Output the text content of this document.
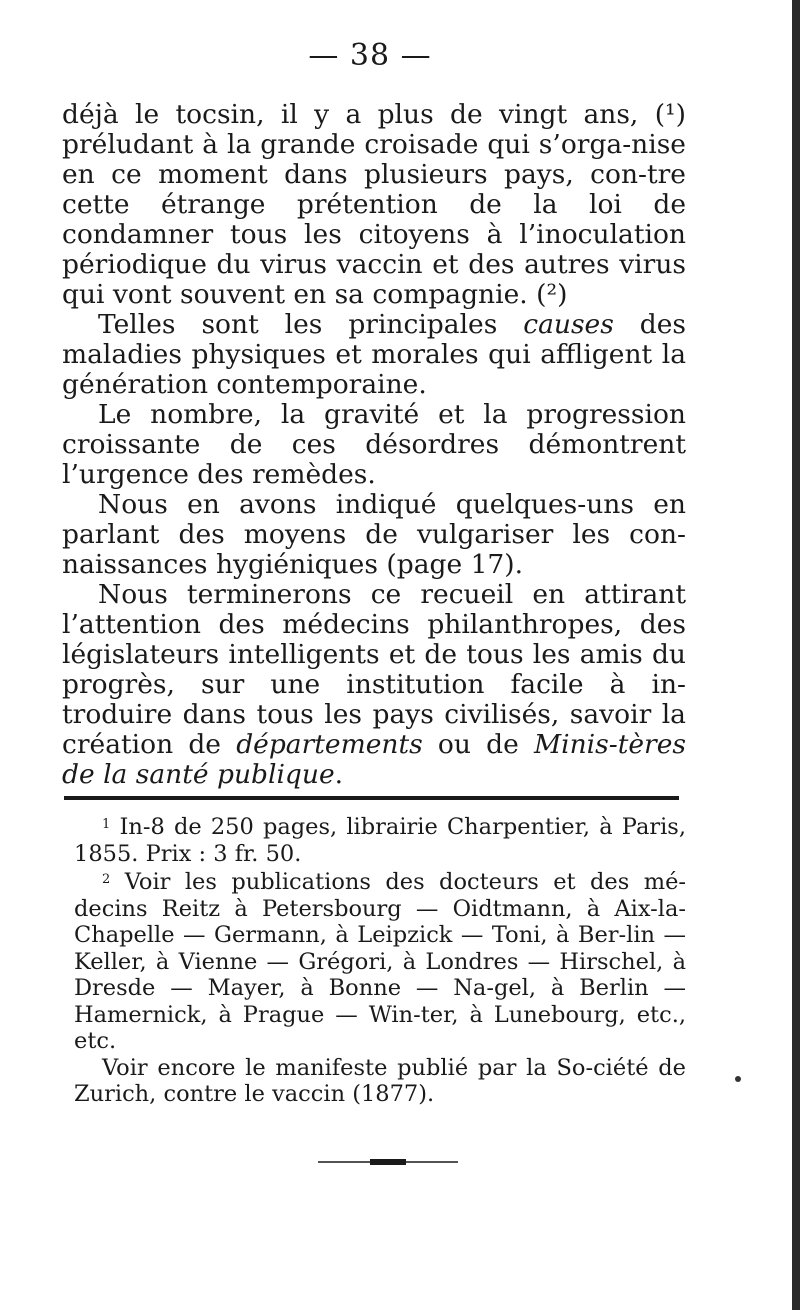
— 38 —

déjà le tocsin, il y a plus de vingt ans, (¹) préludant à la grande croisade qui s’orga-nise en ce moment dans plusieurs pays, con-tre cette étrange prétention de la loi de condamner tous les citoyens à l’inoculation périodique du virus vaccin et des autres virus qui vont souvent en sa compagnie. (²)

Telles sont les principales causes des maladies physiques et morales qui affligent la génération contemporaine.

Le nombre, la gravité et la progression croissante de ces désordres démontrent l’urgence des remèdes.

Nous en avons indiqué quelques-uns en parlant des moyens de vulgariser les con-naissances hygiéniques (page 17).

Nous terminerons ce recueil en attirant l’attention des médecins philanthropes, des législateurs intelligents et de tous les amis du progrès, sur une institution facile à in-troduire dans tous les pays civilisés, savoir la création de départements ou de Minis-tères de la santé publique.

$^1$ In-8 de 250 pages, librairie Charpentier, à Paris, 1855. Prix : 3 fr. 50.

$^2$ Voir les publications des docteurs et des mé-decins Reitz à Petersbourg — Oidtmann, à Aix-la-Chapelle — Germann, à Leipzick — Toni, à Ber-lin — Keller, à Vienne — Grégori, à Londres — Hirschel, à Dresde — Mayer, à Bonne — Na-gel, à Berlin — Hamernick, à Prague — Win-ter, à Lunebourg, etc., etc.

Voir encore le manifeste publié par la So-ciété de Zurich, contre le vaccin (1877).
